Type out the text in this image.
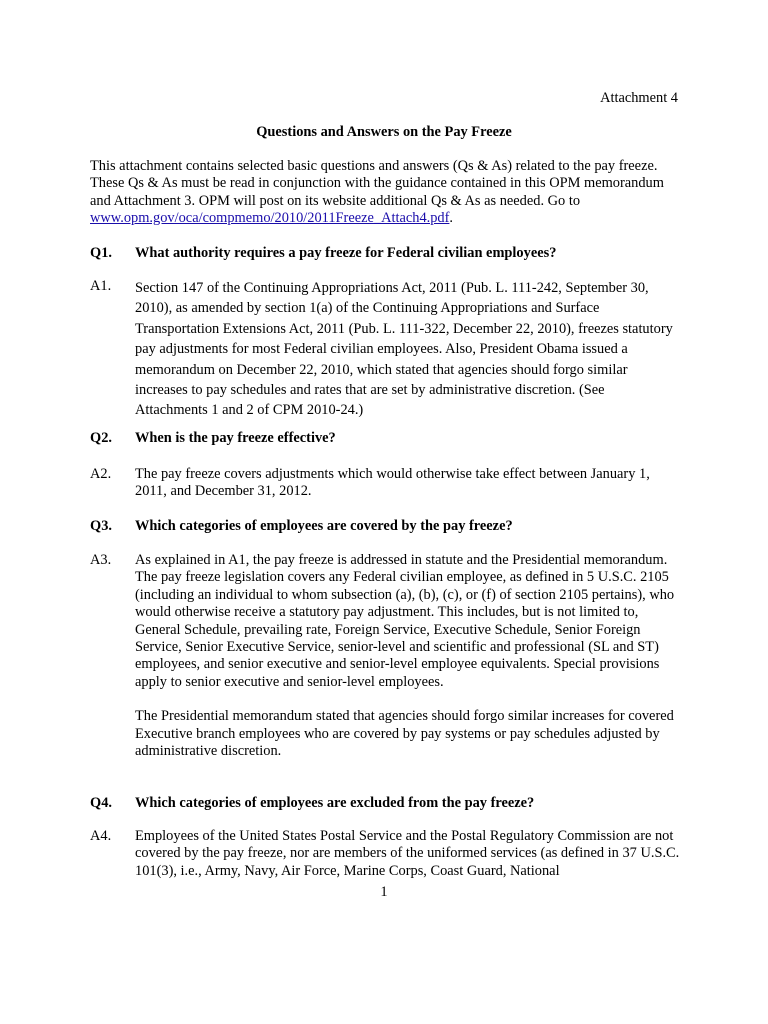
Attachment 4

Questions and Answers on the Pay Freeze

This attachment contains selected basic questions and answers (Qs & As) related to the pay freeze. These Qs & As must be read in conjunction with the guidance contained in this OPM memorandum and Attachment 3. OPM will post on its website additional Qs & As as needed. Go to www.opm.gov/oca/compmemo/2010/2011Freeze_Attach4.pdf.

Q1.	What authority requires a pay freeze for Federal civilian employees?
A1.	Section 147 of the Continuing Appropriations Act, 2011 (Pub. L. 111-242, September 30, 2010), as amended by section 1(a) of the Continuing Appropriations and Surface Transportation Extensions Act, 2011 (Pub. L. 111-322, December 22, 2010), freezes statutory pay adjustments for most Federal civilian employees. Also, President Obama issued a memorandum on December 22, 2010, which stated that agencies should forgo similar increases to pay schedules and rates that are set by administrative discretion. (See Attachments 1 and 2 of CPM 2010-24.)

Q2.	When is the pay freeze effective?
A2.	The pay freeze covers adjustments which would otherwise take effect between January 1, 2011, and December 31, 2012.

Q3.	Which categories of employees are covered by the pay freeze?
A3.	As explained in A1, the pay freeze is addressed in statute and the Presidential memorandum. The pay freeze legislation covers any Federal civilian employee, as defined in 5 U.S.C. 2105 (including an individual to whom subsection (a), (b), (c), or (f) of section 2105 pertains), who would otherwise receive a statutory pay adjustment. This includes, but is not limited to, General Schedule, prevailing rate, Foreign Service, Executive Schedule, Senior Foreign Service, Senior Executive Service, senior-level and scientific and professional (SL and ST) employees, and senior executive and senior-level employee equivalents. Special provisions apply to senior executive and senior-level employees.

The Presidential memorandum stated that agencies should forgo similar increases for covered Executive branch employees who are covered by pay systems or pay schedules adjusted by administrative discretion.

Q4.	Which categories of employees are excluded from the pay freeze?
A4.	Employees of the United States Postal Service and the Postal Regulatory Commission are not covered by the pay freeze, nor are members of the uniformed services (as defined in 37 U.S.C. 101(3), i.e., Army, Navy, Air Force, Marine Corps, Coast Guard, National

1
